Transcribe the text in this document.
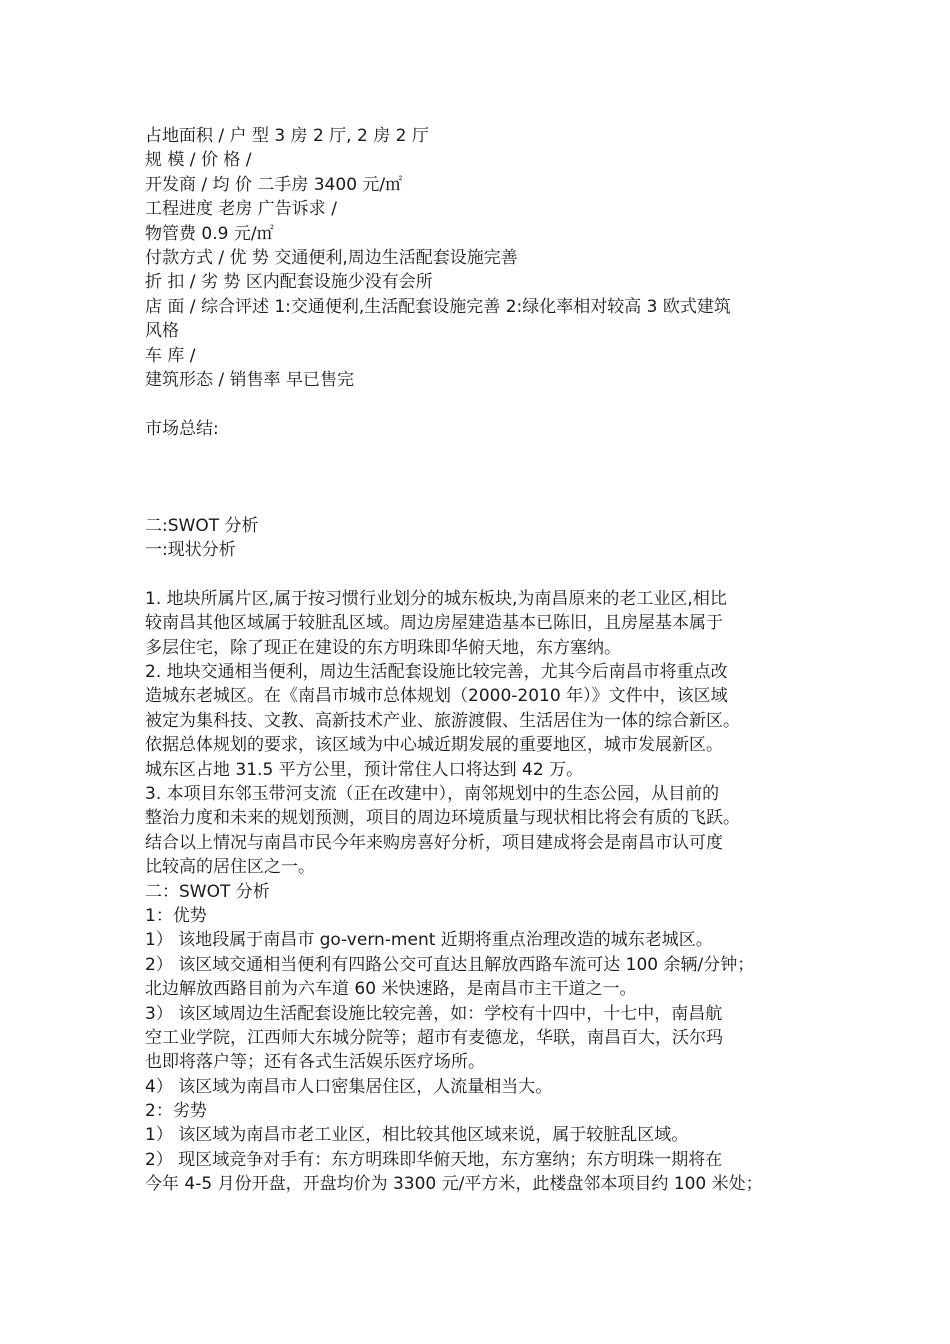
占地面积 / 户 型 3 房 2 厅, 2 房 2 厅
规 模 / 价 格 /
开发商 / 均 价 二手房 3400 元/㎡
工程进度 老房 广告诉求 /
物管费 0.9 元/㎡
付款方式 / 优 势 交通便利,周边生活配套设施完善
折 扣 / 劣 势 区内配套设施少没有会所
店 面 / 综合评述 1:交通便利,生活配套设施完善 2:绿化率相对较高 3 欧式建筑
风格
车 库 /
建筑形态 / 销售率 早已售完
市场总结:
二:SWOT 分析
一:现状分析
1. 地块所属片区,属于按习惯行业划分的城东板块,为南昌原来的老工业区,相比
较南昌其他区域属于较脏乱区域。周边房屋建造基本已陈旧，且房屋基本属于
多层住宅，除了现正在建设的东方明珠即华俯天地，东方塞纳。
2. 地块交通相当便利，周边生活配套设施比较完善，尤其今后南昌市将重点改
造城东老城区。在《南昌市城市总体规划（2000-2010 年）》文件中，该区域
被定为集科技、文教、高新技术产业、旅游渡假、生活居住为一体的综合新区。
依据总体规划的要求，该区域为中心城近期发展的重要地区，城市发展新区。
城东区占地 31.5 平方公里，预计常住人口将达到 42 万。
3. 本项目东邻玉带河支流（正在改建中），南邻规划中的生态公园，从目前的
整治力度和未来的规划预测，项目的周边环境质量与现状相比将会有质的飞跃。
结合以上情况与南昌市民今年来购房喜好分析，项目建成将会是南昌市认可度
比较高的居住区之一。
二：SWOT 分析
1：优势
1） 该地段属于南昌市 go-vern-ment 近期将重点治理改造的城东老城区。
2） 该区域交通相当便利有四路公交可直达且解放西路车流可达 100 余辆/分钟；
北边解放西路目前为六车道 60 米快速路，是南昌市主干道之一。
3） 该区域周边生活配套设施比较完善，如：学校有十四中，十七中，南昌航
空工业学院，江西师大东城分院等；超市有麦德龙，华联，南昌百大，沃尔玛
也即将落户等；还有各式生活娱乐医疗场所。
4） 该区域为南昌市人口密集居住区，人流量相当大。
2：劣势
1） 该区域为南昌市老工业区，相比较其他区域来说，属于较脏乱区域。
2） 现区域竞争对手有：东方明珠即华俯天地，东方塞纳；东方明珠一期将在
今年 4-5 月份开盘，开盘均价为 3300 元/平方米，此楼盘邻本项目约 100 米处；
